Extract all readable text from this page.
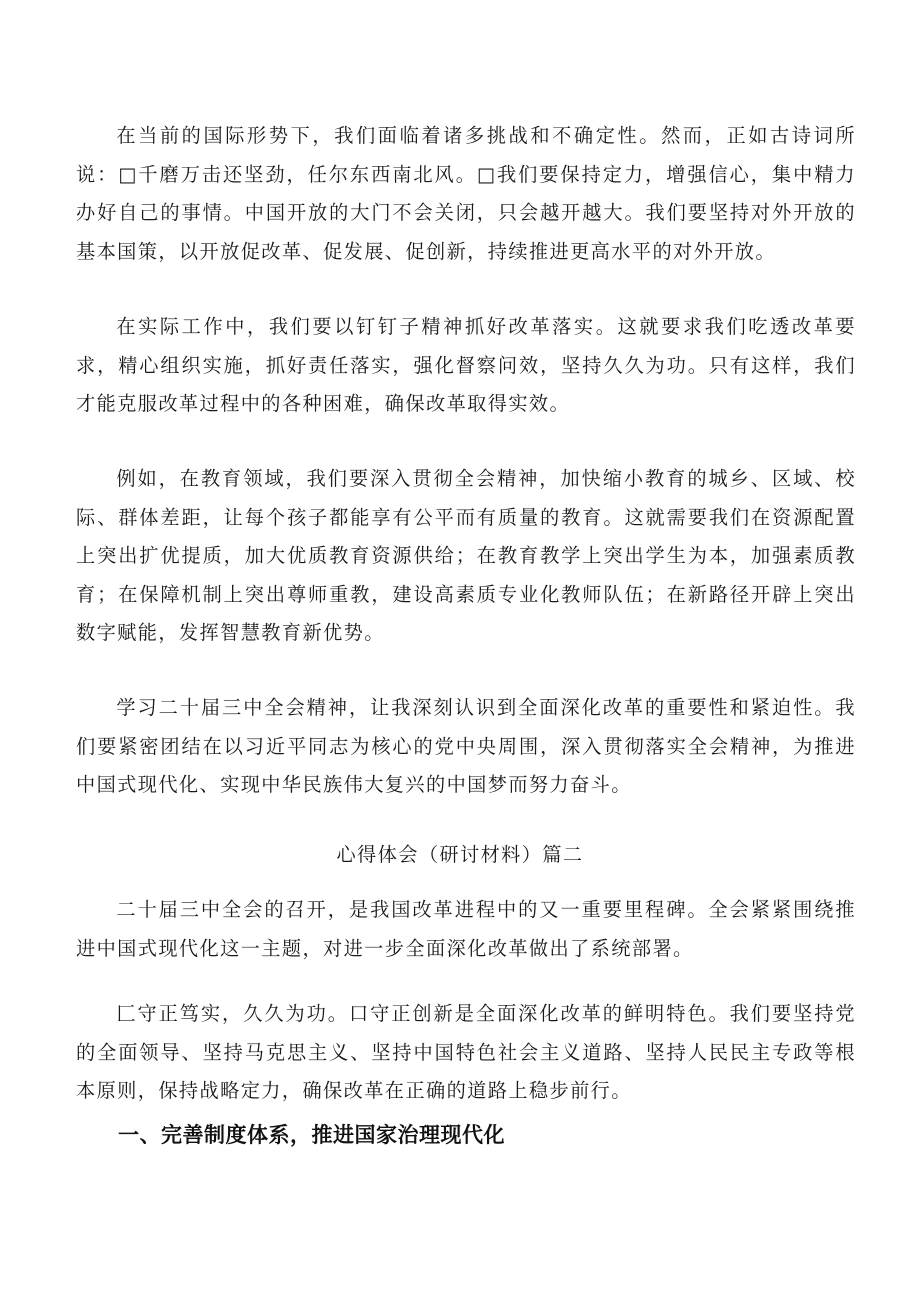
在当前的国际形势下，我们面临着诸多挑战和不确定性。然而，正如古诗词所说：□千磨万击还坚劲，任尔东西南北风。□我们要保持定力，增强信心，集中精力办好自己的事情。中国开放的大门不会关闭，只会越开越大。我们要坚持对外开放的基本国策，以开放促改革、促发展、促创新，持续推进更高水平的对外开放。

在实际工作中，我们要以钉钉子精神抓好改革落实。这就要求我们吃透改革要求，精心组织实施，抓好责任落实，强化督察问效，坚持久久为功。只有这样，我们才能克服改革过程中的各种困难，确保改革取得实效。

例如，在教育领域，我们要深入贯彻全会精神，加快缩小教育的城乡、区域、校际、群体差距，让每个孩子都能享有公平而有质量的教育。这就需要我们在资源配置上突出扩优提质，加大优质教育资源供给；在教育教学上突出学生为本，加强素质教育；在保障机制上突出尊师重教，建设高素质专业化教师队伍；在新路径开辟上突出数字赋能，发挥智慧教育新优势。

学习二十届三中全会精神，让我深刻认识到全面深化改革的重要性和紧迫性。我们要紧密团结在以习近平同志为核心的党中央周围，深入贯彻落实全会精神，为推进中国式现代化、实现中华民族伟大复兴的中国梦而努力奋斗。

心得体会（研讨材料）篇二

二十届三中全会的召开，是我国改革进程中的又一重要里程碑。全会紧紧围绕推进中国式现代化这一主题，对进一步全面深化改革做出了系统部署。

匚守正笃实，久久为功。口守正创新是全面深化改革的鲜明特色。我们要坚持党的全面领导、坚持马克思主义、坚持中国特色社会主义道路、坚持人民民主专政等根本原则，保持战略定力，确保改革在正确的道路上稳步前行。

一、完善制度体系，推进国家治理现代化
